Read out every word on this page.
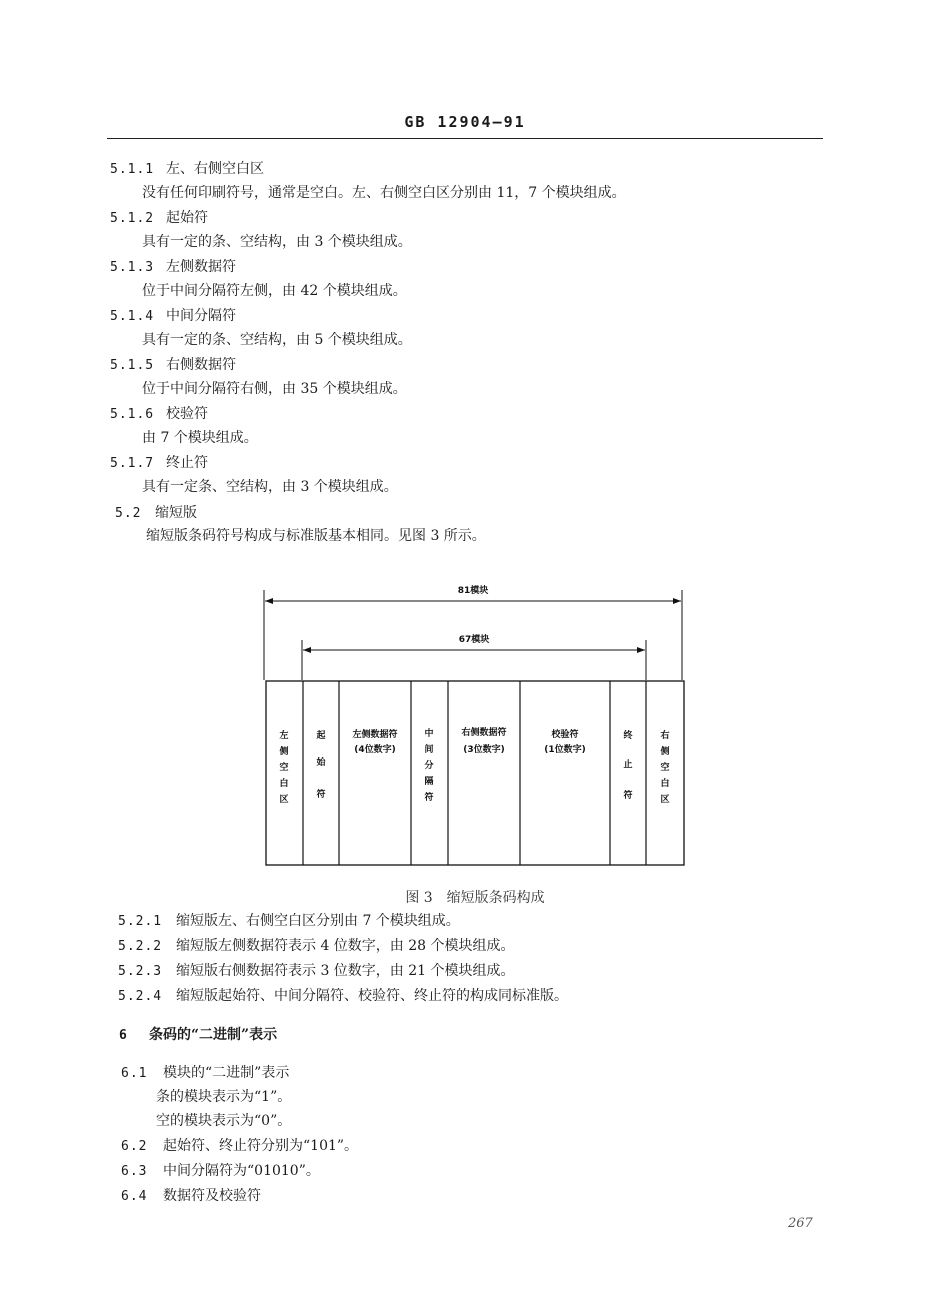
GB 12904—91
5.1.1 左、右侧空白区
没有任何印刷符号，通常是空白。左、右侧空白区分别由 11，7 个模块组成。
5.1.2 起始符
具有一定的条、空结构，由 3 个模块组成。
5.1.3 左侧数据符
位于中间分隔符左侧，由 42 个模块组成。
5.1.4 中间分隔符
具有一定的条、空结构，由 5 个模块组成。
5.1.5 右侧数据符
位于中间分隔符右侧，由 35 个模块组成。
5.1.6 校验符
由 7 个模块组成。
5.1.7 终止符
具有一定条、空结构，由 3 个模块组成。
5.2 缩短版
缩短版条码符号构成与标准版基本相同。见图 3 所示。
81模块
67模块
左
侧
空
白
区
起
始
符
左侧数据符
(4位数字)
中
间
分
隔
符
右侧数据符
(3位数字)
校验符
(1位数字)
终
止
符
右
侧
空
白
区
图 3　缩短版条码构成
5.2.1 缩短版左、右侧空白区分别由 7 个模块组成。
5.2.2 缩短版左侧数据符表示 4 位数字，由 28 个模块组成。
5.2.3 缩短版右侧数据符表示 3 位数字，由 21 个模块组成。
5.2.4 缩短版起始符、中间分隔符、校验符、终止符的构成同标准版。
6 条码的“二进制”表示
6.1 模块的“二进制”表示
条的模块表示为“1”。
空的模块表示为“0”。
6.2 起始符、终止符分别为“101”。
6.3 中间分隔符为“01010”。
6.4 数据符及校验符
267
